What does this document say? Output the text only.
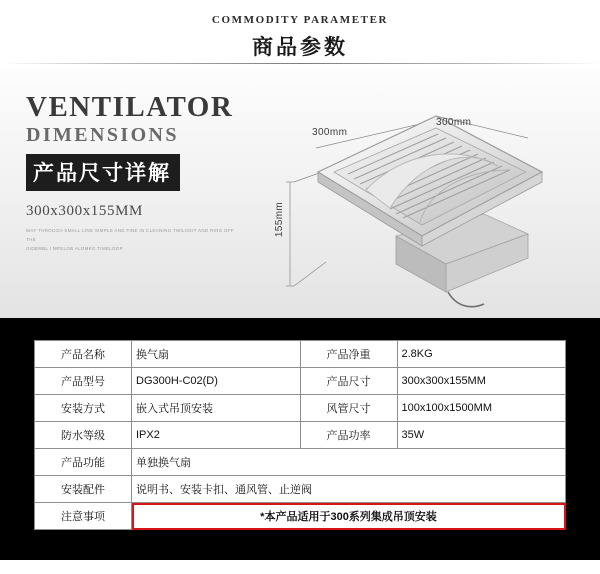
COMMODITY PARAMETER
商品参数
VENTILATOR
DIMENSIONS
产品尺寸详解
300x300x155MM
WAY THROUGH SMALL LINE SIMPLE AND FINE IN CLEANING TWILIGHT AND RING OFF THE
GIDEMBL I MPELOB ALOMKG TIMELOOP
300mm
300mm
155mm
产品名称	换气扇	产品净重	2.8KG
产品型号	DG300H-C02(D)	产品尺寸	300x300x155MM
安装方式	嵌入式吊顶安装	风管尺寸	100x100x1500MM
防水等级	IPX2	产品功率	35W
产品功能	单独换气扇		
安装配件	说明书、安装卡扣、通风管、止逆阀		
注意事项	*本产品适用于300系列集成吊顶安装		
